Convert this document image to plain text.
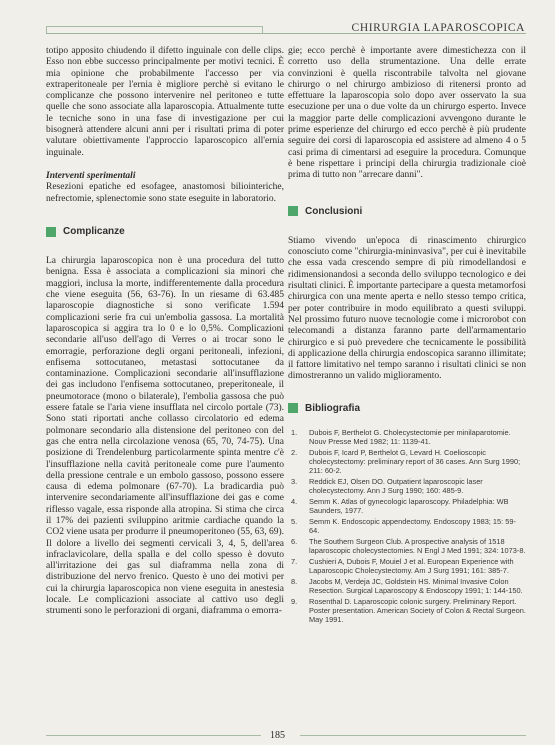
CHIRURGIA LAPAROSCOPICA

totipo apposito chiudendo il difetto inguinale con delle clips. Esso non ebbe successo principalmente per motivi tecnici. È mia opinione che probabilmente l'accesso per via extraperitoneale per l'ernia è migliore perchè si evitano le complicanze che possono intervenire nel peritoneo e tutte quelle che sono associate alla laparoscopia. Attualmente tutte le tecniche sono in una fase di investigazione per cui bisognerà attendere alcuni anni per i risultati prima di poter valutare obiettivamente l'approccio laparoscopico all'ernia inguinale.

Interventi sperimentali

Resezioni epatiche ed esofagee, anastomosi biliointeriche, nefrectomie, splenectomie sono state eseguite in laboratorio.

Complicanze

La chirurgia laparoscopica non è una procedura del tutto benigna. Essa è associata a complicazioni sia minori che maggiori, inclusa la morte, indifferentemente dalla procedura che viene eseguita (56, 63-76). In un riesame di 63.485 laparoscopie diagnostiche si sono verificate 1.594 complicazioni serie fra cui un'embolia gassosa. La mortalità laparoscopica si aggira tra lo 0 e lo 0,5%. Complicazioni secondarie all'uso dell'ago di Verres o ai trocar sono le emorragie, perforazione degli organi peritoneali, infezioni, enfisema sottocutaneo, metastasi sottocutanee da contaminazione. Complicazioni secondarie all'insufflazione dei gas includono l'enfisema sottocutaneo, preperitoneale, il pneumotorace (mono o bilaterale), l'embolia gassosa che può essere fatale se l'aria viene insufflata nel circolo portale (73). Sono stati riportati anche collasso circolatorio ed edema polmonare secondario alla distensione del peritoneo con del gas che entra nella circolazione venosa (65, 70, 74-75). Una posizione di Trendelenburg particolarmente spinta mentre c'è l'insufflazione nella cavità peritoneale come pure l'aumento della pressione centrale e un embolo gassoso, possono essere causa di edema polmonare (67-70). La bradicardia può intervenire secondariamente all'insufflazione dei gas e come riflesso vagale, essa risponde alla atropina. Si stima che circa il 17% dei pazienti sviluppino aritmie cardiache quando la CO2 viene usata per produrre il pneumoperitoneo (55, 63, 69). Il dolore a livello dei segmenti cervicali 3, 4, 5, dell'area infraclavicolare, della spalla e del collo spesso è dovuto all'irritazione dei gas sul diaframma nella zona di distribuzione del nervo frenico. Questo è uno dei motivi per cui la chirurgia laparoscopica non viene eseguita in anestesia locale. Le complicazioni associate al cattivo uso degli strumenti sono le perforazioni di organi, diaframma o emorra-

gie; ecco perchè è importante avere dimestichezza con il corretto uso della strumentazione. Una delle errate convinzioni è quella riscontrabile talvolta nel giovane chirurgo o nel chirurgo ambizioso di ritenersi pronto ad effettuare la laparoscopia solo dopo aver osservato la sua esecuzione per una o due volte da un chirurgo esperto. Invece la maggior parte delle complicazioni avvengono durante le prime esperienze del chirurgo ed ecco perchè è più prudente seguire dei corsi di laparoscopia ed assistere ad almeno 4 o 5 casi prima di cimentarsi ad eseguire la procedura. Comunque è bene rispettare i principi della chirurgia tradizionale cioè prima di tutto non "arrecare danni".

Conclusioni

Stiamo vivendo un'epoca di rinascimento chirurgico conosciuto come "chirurgia-mininvasiva", per cui è inevitabile che essa vada crescendo sempre di più rimodellandosi e ridimensionandosi a seconda dello sviluppo tecnologico e dei risultati clinici. È importante partecipare a questa metamorfosi chirurgica con una mente aperta e nello stesso tempo critica, per poter contribuire in modo equilibrato a questi sviluppi. Nel prossimo futuro nuove tecnologie come i microrobot con telecomandi a distanza faranno parte dell'armamentario chirurgico e si può prevedere che tecnicamente le possibilità di applicazione della chirurgia endoscopica saranno illimitate; il fattore limitativo nel tempo saranno i risultati clinici se non dimostreranno un valido miglioramento.

Bibliografia
1.	Dubois F, Berthelot G. Cholecystectomie per minilaparotomie. Nouv Presse Med 1982; 11: 1139-41.
2.	Dubois F, Icard P, Berthelot G, Levard H. Coelioscopic cholecystectomy: preliminary report of 36 cases. Ann Surg 1990; 211: 60-2.
3.	Reddick EJ, Olsen DO. Outpatient laparoscopic laser cholecystectomy. Ann J Surg 1990; 160: 485-9.
4.	Semm K. Atlas of gynecologic laparoscopy. Philadelphia: WB Saunders, 1977.
5.	Semm K. Endoscopic appendectomy. Endoscopy 1983; 15: 59-64.
6.	The Southern Surgeon Club. A prospective analysis of 1518 laparoscopic cholecystectomies. N Engl J Med 1991; 324: 1073-8.
7.	Cushieri A, Dubois F, Mouiel J et al. European Experience with Laparoscopic Cholecystectomy. Am J Surg 1991; 161: 385-7.
8.	Jacobs M, Verdeja JC, Goldstein HS. Minimal Invasive Colon Resection. Surgical Laparoscopy & Endoscopy 1991; 1: 144-150.
9.	Rosenthal D. Laparoscopic colonic surgery. Preliminary Report. Poster presentation. American Society of Colon & Rectal Surgeon. May 1991.
185
